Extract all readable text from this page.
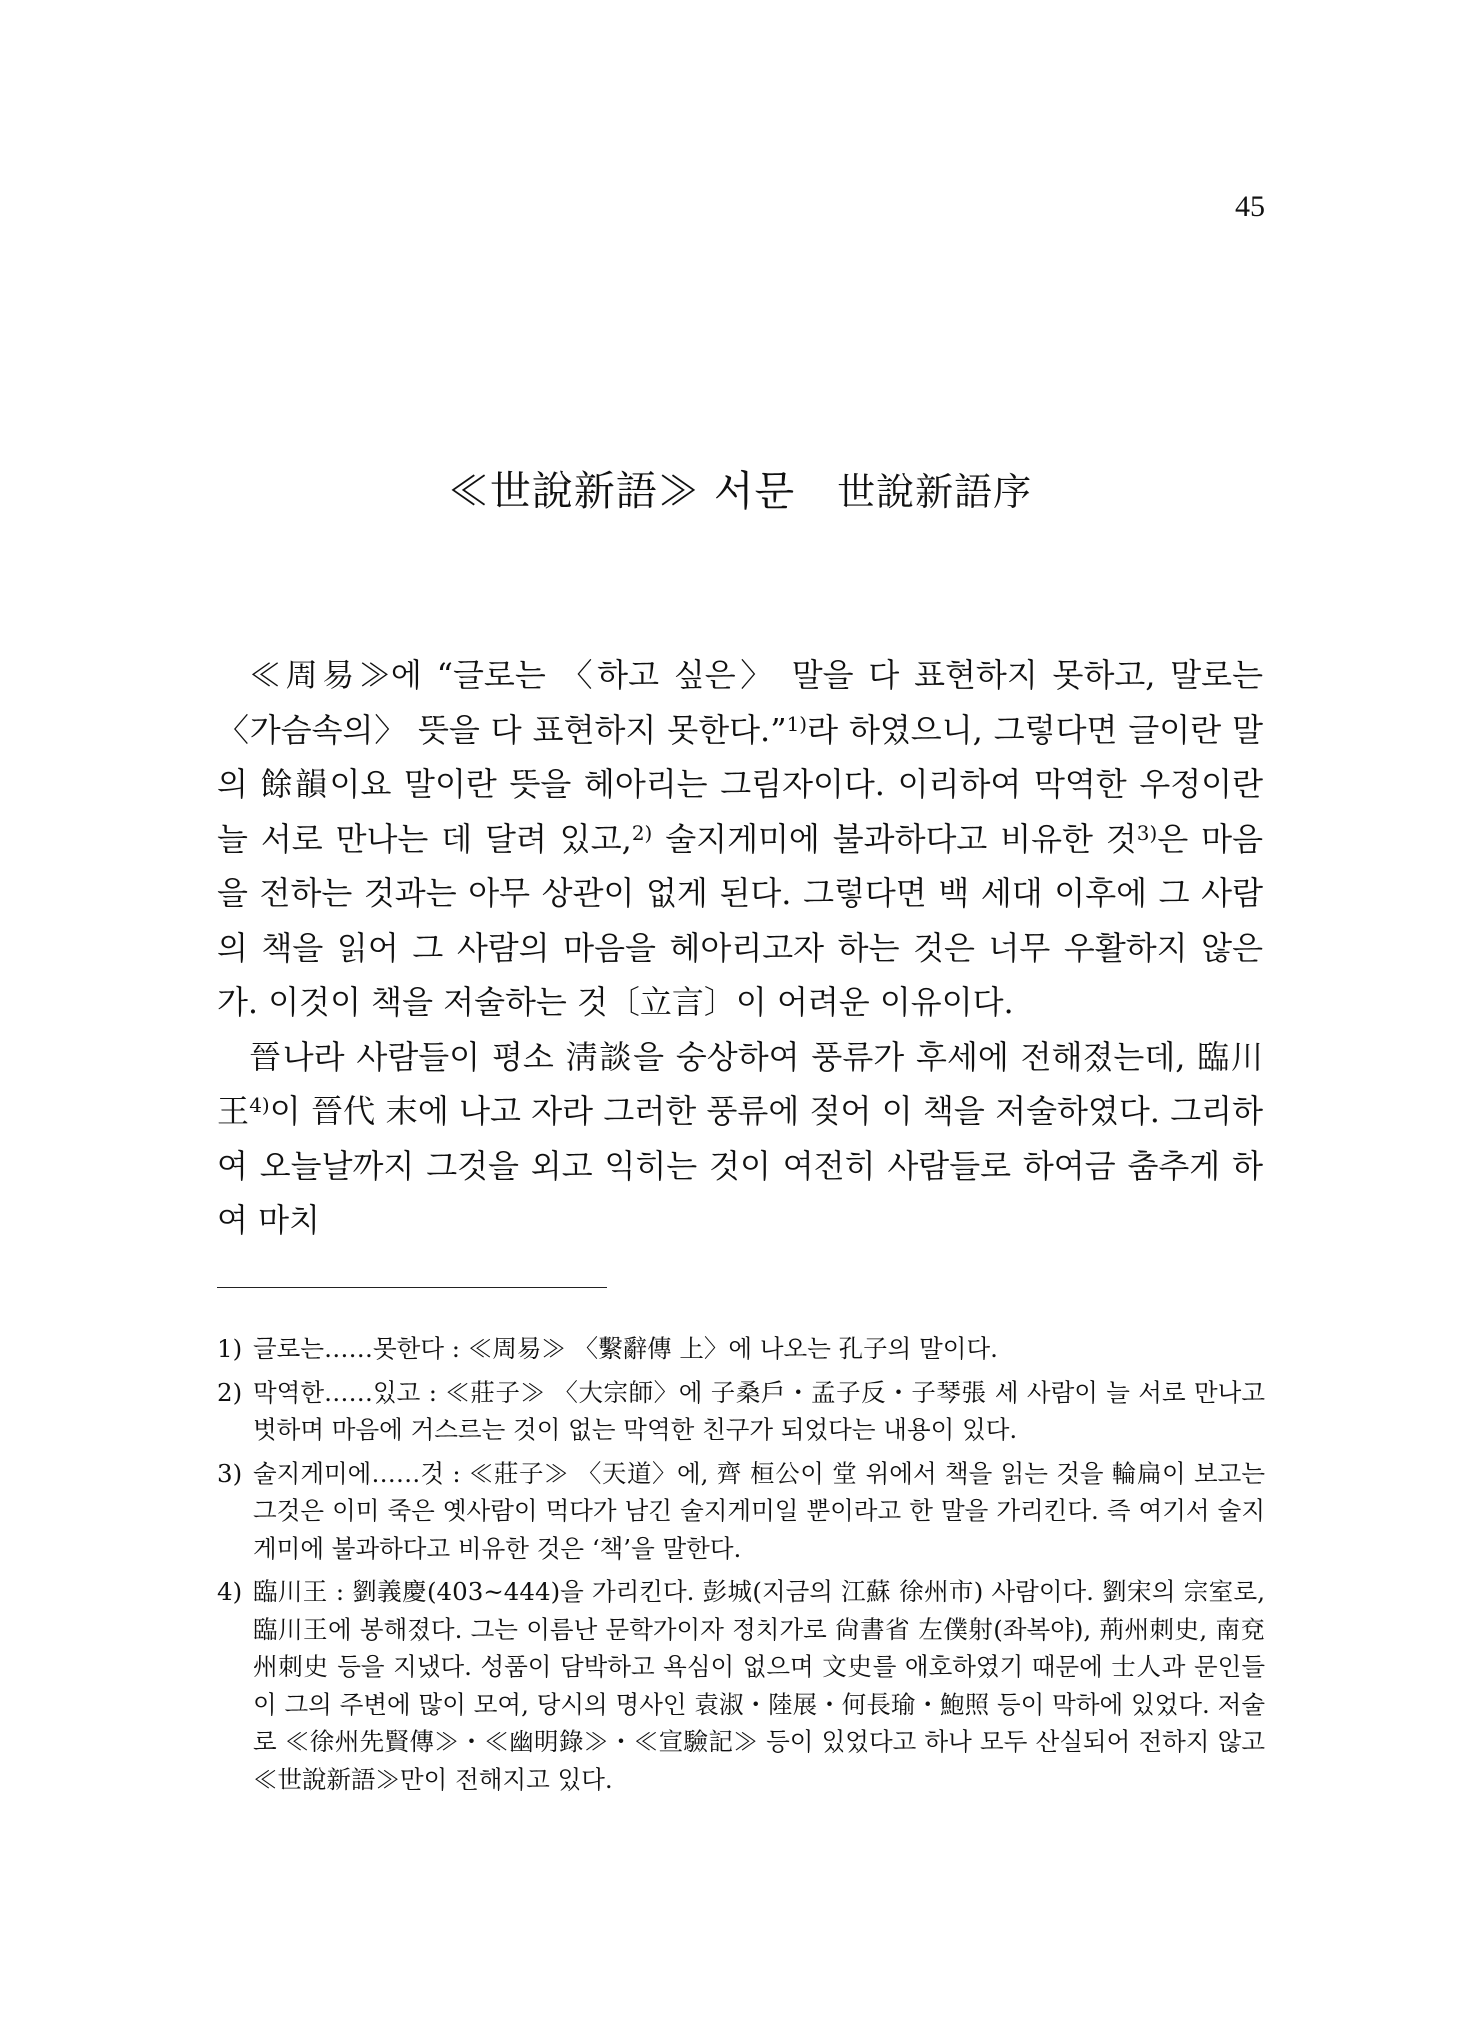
45
≪世說新語≫ 서문 世說新語序

≪周易≫에 “글로는 〈하고 싶은〉 말을 다 표현하지 못하고, 말로는 〈가슴속의〉 뜻을 다 표현하지 못한다.”$^{1)}$라 하였으니, 그렇다면 글이란 말의 餘韻이요 말이란 뜻을 헤아리는 그림자이다. 이리하여 막역한 우정이란 늘 서로 만나는 데 달려 있고,$^{2)}$ 술지게미에 불과하다고 비유한 것$^{3)}$은 마음을 전하는 것과는 아무 상관이 없게 된다. 그렇다면 백 세대 이후에 그 사람의 책을 읽어 그 사람의 마음을 헤아리고자 하는 것은 너무 우활하지 않은가. 이것이 책을 저술하는 것〔立言〕이 어려운 이유이다.

晉나라 사람들이 평소 淸談을 숭상하여 풍류가 후세에 전해졌는데, 臨川王$^{4)}$이 晉代 末에 나고 자라 그러한 풍류에 젖어 이 책을 저술하였다. 그리하여 오늘날까지 그것을 외고 익히는 것이 여전히 사람들로 하여금 춤추게 하여 마치

1) 글로는……못한다 : ≪周易≫ 〈繫辭傳 上〉에 나오는 孔子의 말이다.
2) 막역한……있고 : ≪莊子≫ 〈大宗師〉에 子桑戶・孟子反・子琴張 세 사람이 늘 서로 만나고 벗하며 마음에 거스르는 것이 없는 막역한 친구가 되었다는 내용이 있다.
3) 술지게미에……것 : ≪莊子≫ 〈天道〉에, 齊 桓公이 堂 위에서 책을 읽는 것을 輪扁이 보고는 그것은 이미 죽은 옛사람이 먹다가 남긴 술지게미일 뿐이라고 한 말을 가리킨다. 즉 여기서 술지게미에 불과하다고 비유한 것은 ‘책’을 말한다.
4) 臨川王 : 劉義慶(403~444)을 가리킨다. 彭城(지금의 江蘇 徐州市) 사람이다. 劉宋의 宗室로, 臨川王에 봉해졌다. 그는 이름난 문학가이자 정치가로 尙書省 左僕射(좌복야), 荊州刺史, 南兗州刺史 등을 지냈다. 성품이 담박하고 욕심이 없으며 文史를 애호하였기 때문에 士人과 문인들이 그의 주변에 많이 모여, 당시의 명사인 袁淑・陸展・何長瑜・鮑照 등이 막하에 있었다. 저술로 ≪徐州先賢傳≫・≪幽明錄≫・≪宣驗記≫ 등이 있었다고 하나 모두 산실되어 전하지 않고 ≪世說新語≫만이 전해지고 있다.
